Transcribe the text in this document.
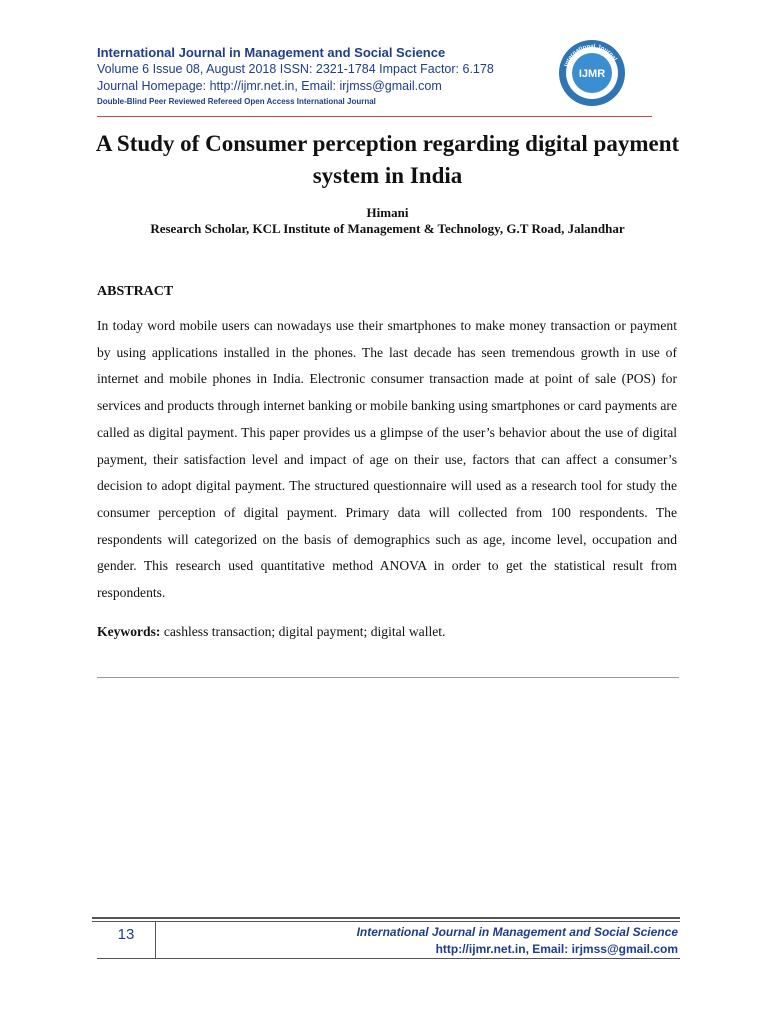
International Journal in Management and Social Science
Volume 6 Issue 08, August 2018 ISSN: 2321-1784 Impact Factor: 6.178
Journal Homepage: http://ijmr.net.in, Email: irjmss@gmail.com
Double-Blind Peer Reviewed Refereed Open Access International Journal
International Journal
IJMR
A Study of Consumer perception regarding digital payment system in India
Himani
Research Scholar, KCL Institute of Management & Technology, G.T Road, Jalandhar
ABSTRACT
In today word mobile users can nowadays use their smartphones to make money transaction or payment by using applications installed in the phones. The last decade has seen tremendous growth in use of internet and mobile phones in India. Electronic consumer transaction made at point of sale (POS) for services and products through internet banking or mobile banking using smartphones or card payments are called as digital payment. This paper provides us a glimpse of the user’s behavior about the use of digital payment, their satisfaction level and impact of age on their use, factors that can affect a consumer’s decision to adopt digital payment. The structured questionnaire will used as a research tool for study the consumer perception of digital payment. Primary data will collected from 100 respondents. The respondents will categorized on the basis of demographics such as age, income level, occupation and gender. This research used quantitative method ANOVA in order to get the statistical result from respondents.
Keywords: cashless transaction; digital payment; digital wallet.
13	International Journal in Management and Social Science
http://ijmr.net.in, Email: irjmss@gmail.com
